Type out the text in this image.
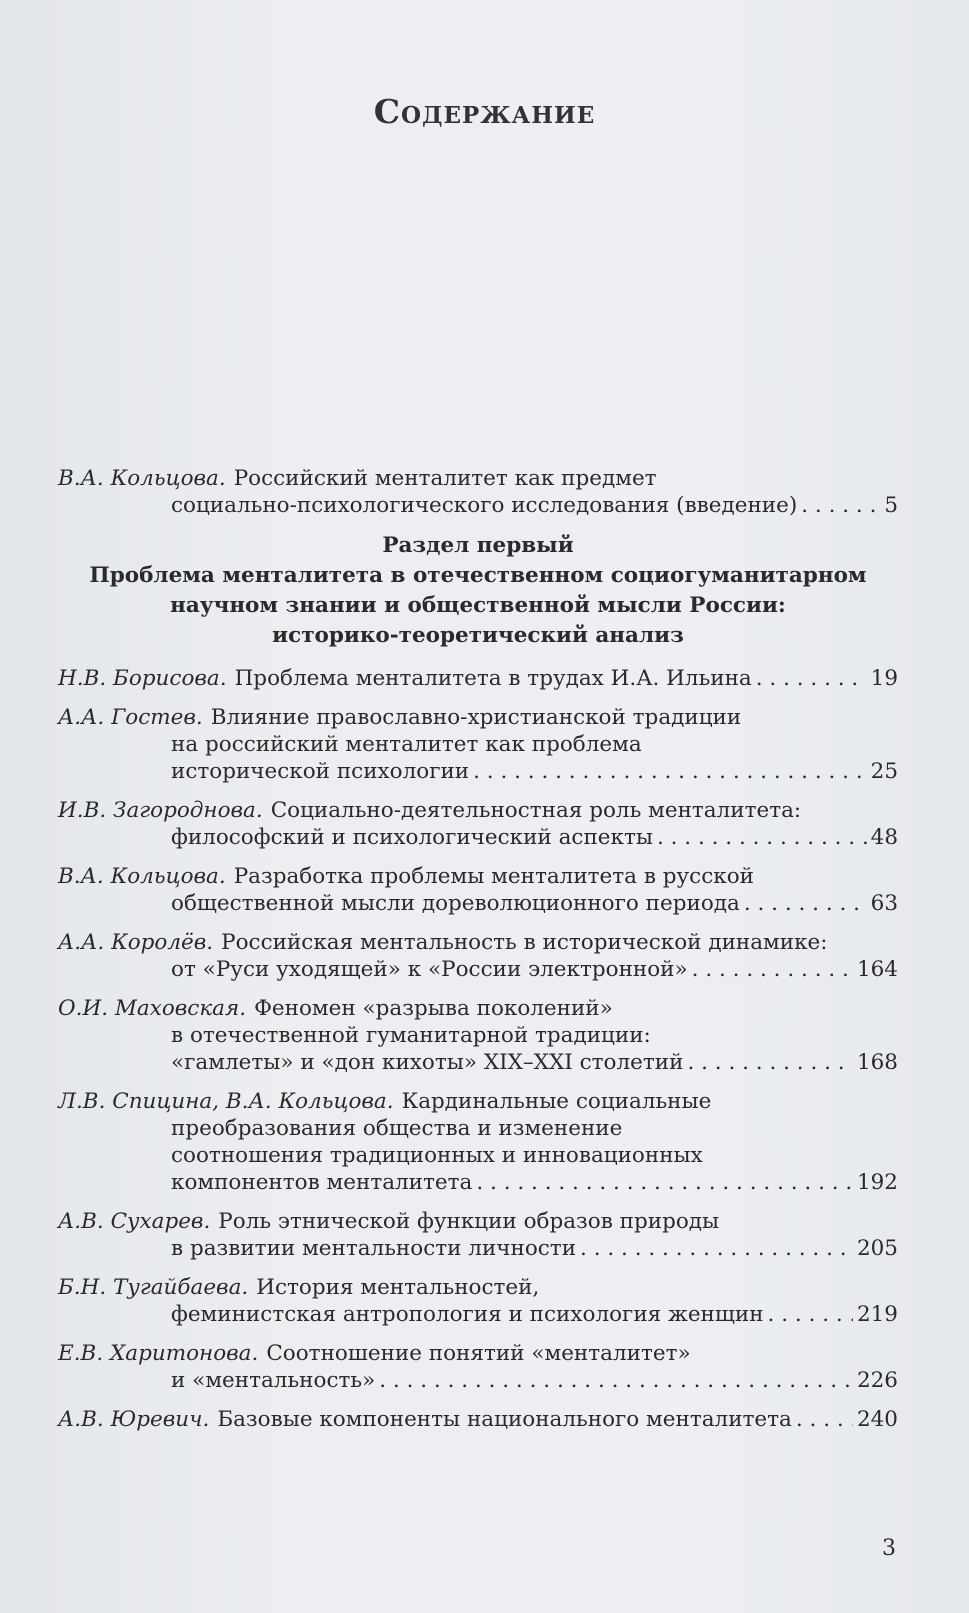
Содержание
В.А. Кольцова. Российский менталитет как предмет
социально-психологического исследования (введение) . . .	5
Раздел первый
Проблема менталитета в отечественном социогуманитарном
научном знании и общественной мысли России:
историко-теоретический анализ
Н.В. Борисова. Проблема менталитета в трудах И.А. Ильина . . .	19
А.А. Гостев. Влияние православно-христианской традиции
на российский менталитет как проблема
исторической психологии . . .	25
И.В. Загороднова. Социально-деятельностная роль менталитета:
философский и психологический аспекты . . .	48
В.А. Кольцова. Разработка проблемы менталитета в русской
общественной мысли дореволюционного периода . . .	63
А.А. Королёв. Российская ментальность в исторической динамике:
от «Руси уходящей» к «России электронной» . . .	164
О.И. Маховская. Феномен «разрыва поколений»
в отечественной гуманитарной традиции:
«гамлеты» и «дон кихоты» XIX–XXI столетий . . .	168
Л.В. Спицина, В.А. Кольцова. Кардинальные социальные
преобразования общества и изменение
соотношения традиционных и инновационных
компонентов менталитета . . .	192
А.В. Сухарев. Роль этнической функции образов природы
в развитии ментальности личности . . .	205
Б.Н. Тугайбаева. История ментальностей,
феминистская антропология и психология женщин . . .	219
Е.В. Харитонова. Соотношение понятий «менталитет»
и «ментальность» . . .	226
А.В. Юревич. Базовые компоненты национального менталитета . . .	240
3
